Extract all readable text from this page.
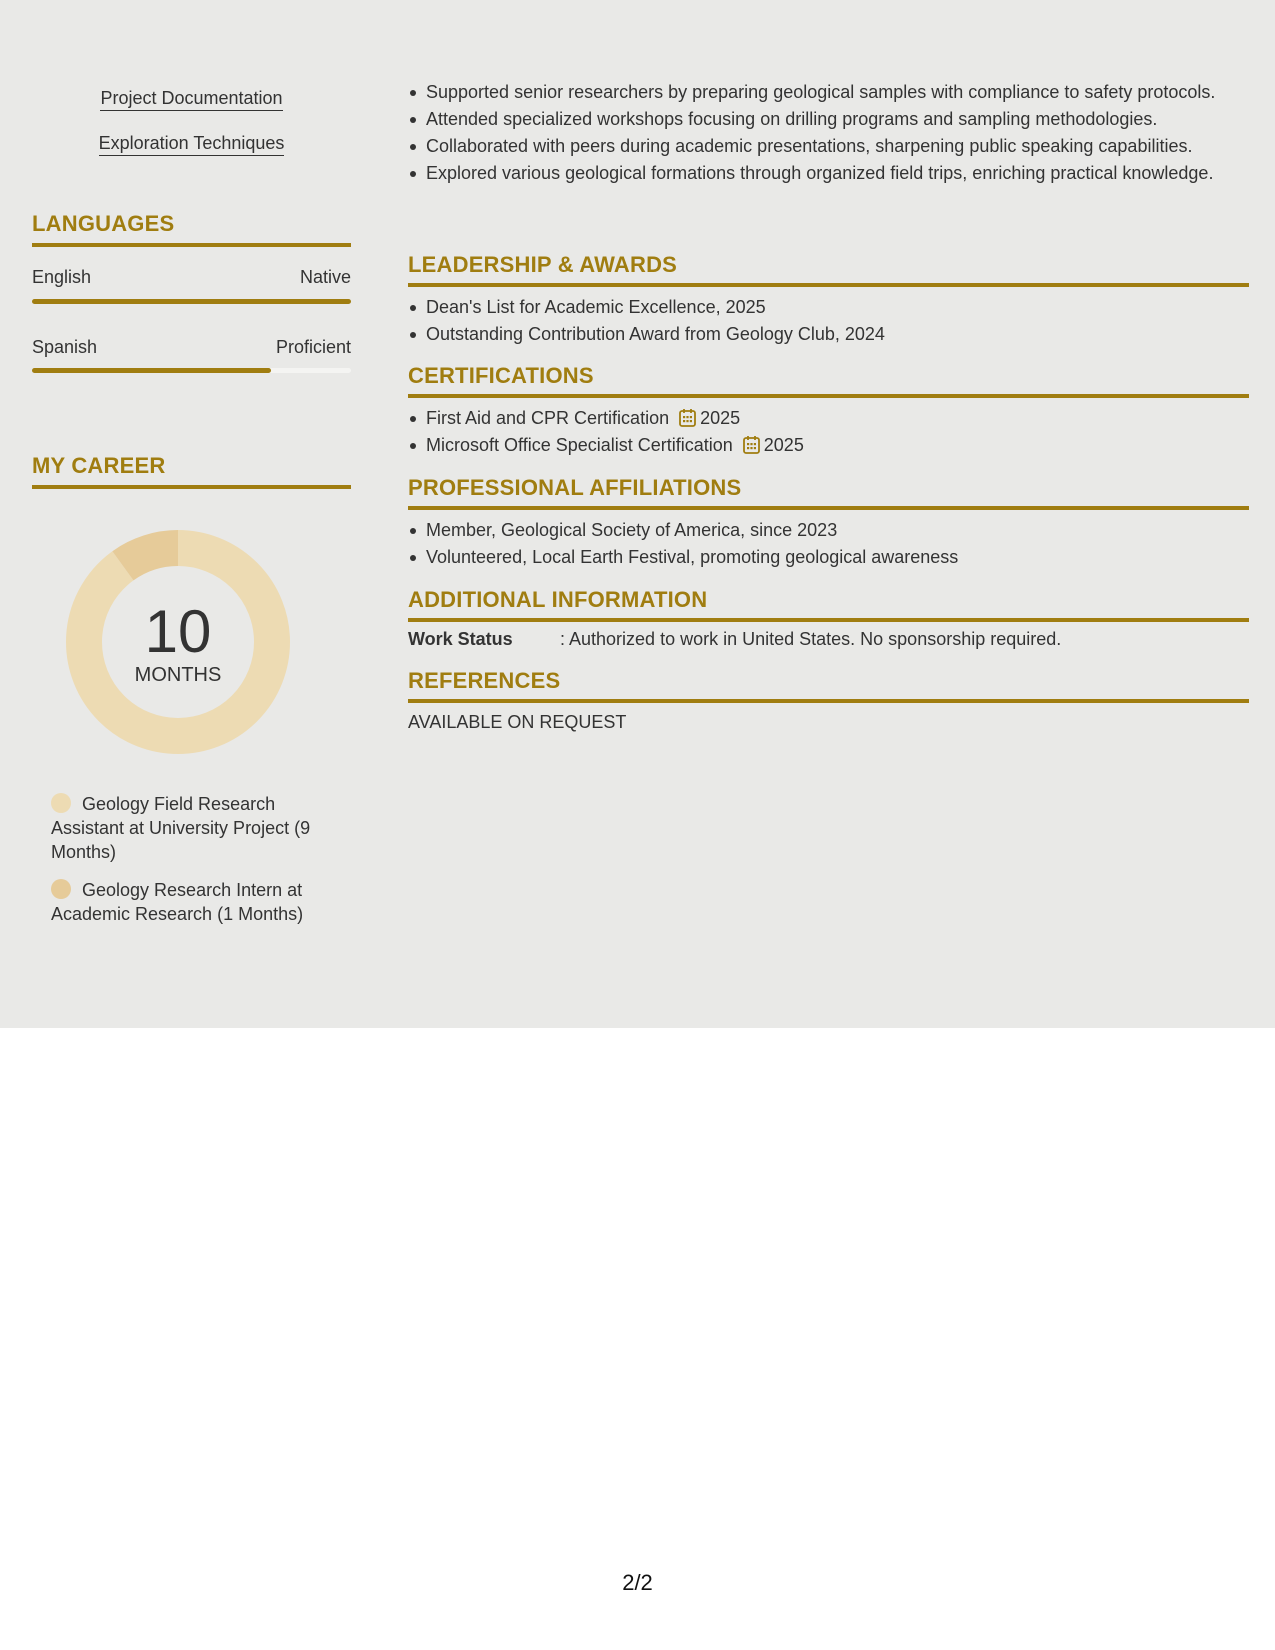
Project Documentation
Exploration Techniques
LANGUAGES
English	Native
Spanish	Proficient
MY CAREER
10
MONTHS
Geology Field Research Assistant at University Project (9 Months)
Geology Research Intern at Academic Research (1 Months)
Supported senior researchers by preparing geological samples with compliance to safety protocols.
Attended specialized workshops focusing on drilling programs and sampling methodologies.
Collaborated with peers during academic presentations, sharpening public speaking capabilities.
Explored various geological formations through organized field trips, enriching practical knowledge.
LEADERSHIP & AWARDS
Dean's List for Academic Excellence, 2025
Outstanding Contribution Award from Geology Club, 2024
CERTIFICATIONS
First Aid and CPR Certification 2025
Microsoft Office Specialist Certification 2025
PROFESSIONAL AFFILIATIONS
Member, Geological Society of America, since 2023
Volunteered, Local Earth Festival, promoting geological awareness
ADDITIONAL INFORMATION
Work Status	: Authorized to work in United States. No sponsorship required.
REFERENCES
AVAILABLE ON REQUEST
2/2
